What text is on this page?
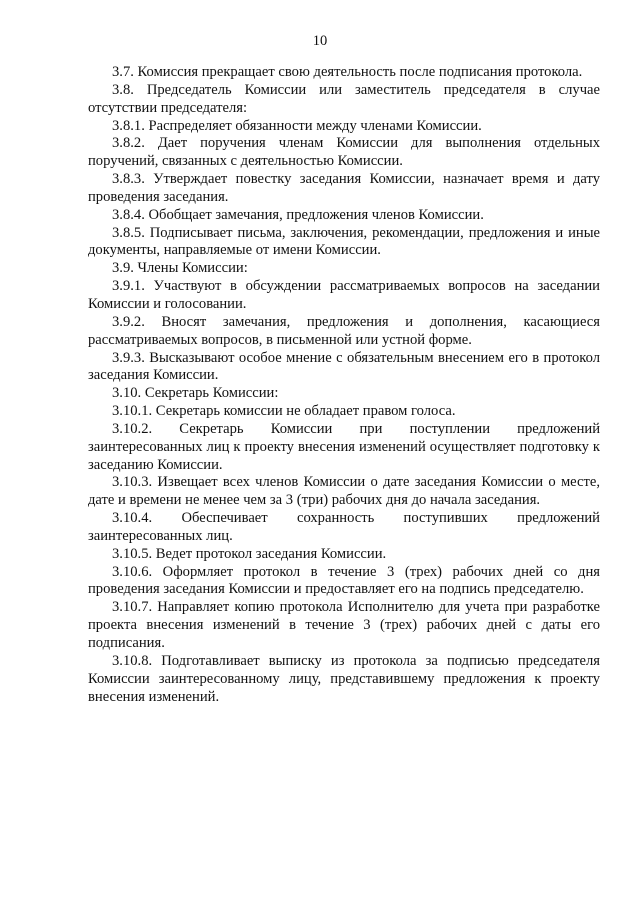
10

3.7. Комиссия прекращает свою деятельность после подписания протокола.

3.8. Председатель Комиссии или заместитель председателя в случае отсутствии председателя:

3.8.1. Распределяет обязанности между членами Комиссии.

3.8.2. Дает поручения членам Комиссии для выполнения отдельных поручений, связанных с деятельностью Комиссии.

3.8.3. Утверждает повестку заседания Комиссии, назначает время и дату проведения заседания.

3.8.4. Обобщает замечания, предложения членов Комиссии.

3.8.5. Подписывает письма, заключения, рекомендации, предложения и иные документы, направляемые от имени Комиссии.

3.9. Члены Комиссии:

3.9.1. Участвуют в обсуждении рассматриваемых вопросов на заседании Комиссии и голосовании.

3.9.2. Вносят замечания, предложения и дополнения, касающиеся рассматриваемых вопросов, в письменной или устной форме.

3.9.3. Высказывают особое мнение с обязательным внесением его в протокол заседания Комиссии.

3.10. Секретарь Комиссии:

3.10.1. Секретарь комиссии не обладает правом голоса.

3.10.2. Секретарь Комиссии при поступлении предложений заинтересованных лиц к проекту внесения изменений осуществляет подготовку к заседанию Комиссии.

3.10.3. Извещает всех членов Комиссии о дате заседания Комиссии о месте, дате и времени не менее чем за 3 (три) рабочих дня до начала заседания.

3.10.4. Обеспечивает сохранность поступивших предложений заинтересованных лиц.

3.10.5. Ведет протокол заседания Комиссии.

3.10.6. Оформляет протокол в течение 3 (трех) рабочих дней со дня проведения заседания Комиссии и предоставляет его на подпись председателю.

3.10.7. Направляет копию протокола Исполнителю для учета при разработке проекта внесения изменений в течение 3 (трех) рабочих дней с даты его подписания.

3.10.8. Подготавливает выписку из протокола за подписью председателя Комиссии заинтересованному лицу, представившему предложения к проекту внесения изменений.
